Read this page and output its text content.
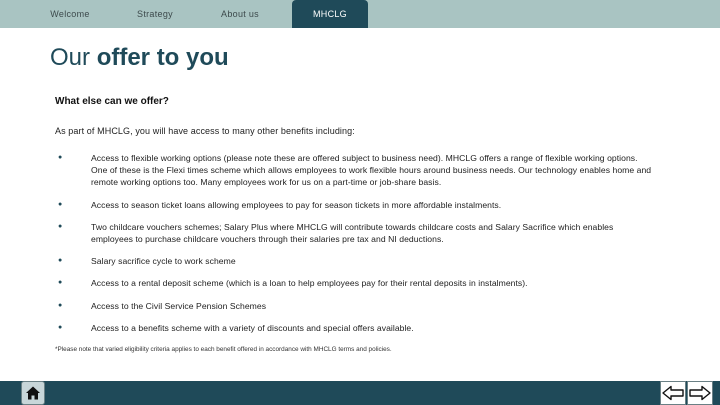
Welcome	Strategy	About us	MHCLG
Our offer to you
What else can we offer?
As part of MHCLG, you will have access to many other benefits including:
●	Access to flexible working options (please note these are offered subject to business need). MHCLG offers a range of flexible working options. One of these is the Flexi times scheme which allows employees to work flexible hours around business needs. Our technology enables home and remote working options too. Many employees work for us on a part-time or job-share basis.
●	Access to season ticket loans allowing employees to pay for season tickets in more affordable instalments.
●	Two childcare vouchers schemes; Salary Plus where MHCLG will contribute towards childcare costs and Salary Sacrifice which enables employees to purchase childcare vouchers through their salaries pre tax and NI deductions.
●	Salary sacrifice cycle to work scheme
●	Access to a rental deposit scheme (which is a loan to help employees pay for their rental deposits in instalments).
●	Access to the Civil Service Pension Schemes
●	Access to a benefits scheme with a variety of discounts and special offers available.
*Please note that varied eligibility criteria applies to each benefit offered in accordance with MHCLG terms and policies.
